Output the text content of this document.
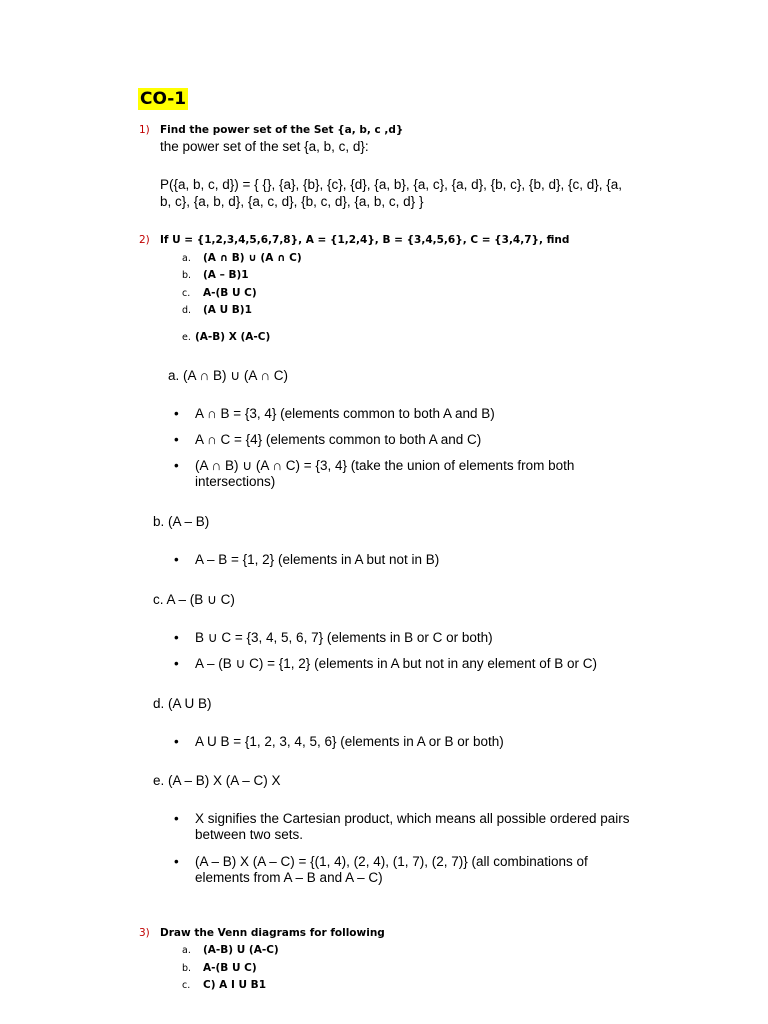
CO-1
1) Find the power set of the Set {a, b, c ,d}
the power set of the set {a, b, c, d}:
P({a, b, c, d}) = { {}, {a}, {b}, {c}, {d}, {a, b}, {a, c}, {a, d}, {b, c}, {b, d}, {c, d}, {a,
b, c}, {a, b, d}, {a, c, d}, {b, c, d}, {a, b, c, d} }
2) If U = {1,2,3,4,5,6,7,8}, A = {1,2,4}, B = {3,4,5,6}, C = {3,4,7}, find
a. (A ∩ B) ∪ (A ∩ C)
b. (A – B)1
c. A-(B U C)
d. (A U B)1
e. (A-B) X (A-C)
a. (A ∩ B) ∪ (A ∩ C)
• A ∩ B = {3, 4} (elements common to both A and B)
• A ∩ C = {4} (elements common to both A and C)
• (A ∩ B) ∪ (A ∩ C) = {3, 4} (take the union of elements from both intersections)
b. (A – B)
• A – B = {1, 2} (elements in A but not in B)
c. A – (B ∪ C)
• B ∪ C = {3, 4, 5, 6, 7} (elements in B or C or both)
• A – (B ∪ C) = {1, 2} (elements in A but not in any element of B or C)
d. (A U B)
• A U B = {1, 2, 3, 4, 5, 6} (elements in A or B or both)
e. (A – B) X (A – C) X
• X signifies the Cartesian product, which means all possible ordered pairs between two sets.
• (A – B) X (A – C) = {(1, 4), (2, 4), (1, 7), (2, 7)} (all combinations of elements from A – B and A – C)
3) Draw the Venn diagrams for following
a. (A-B) U (A-C)
b. A-(B U C)
c. C) A I U B1
